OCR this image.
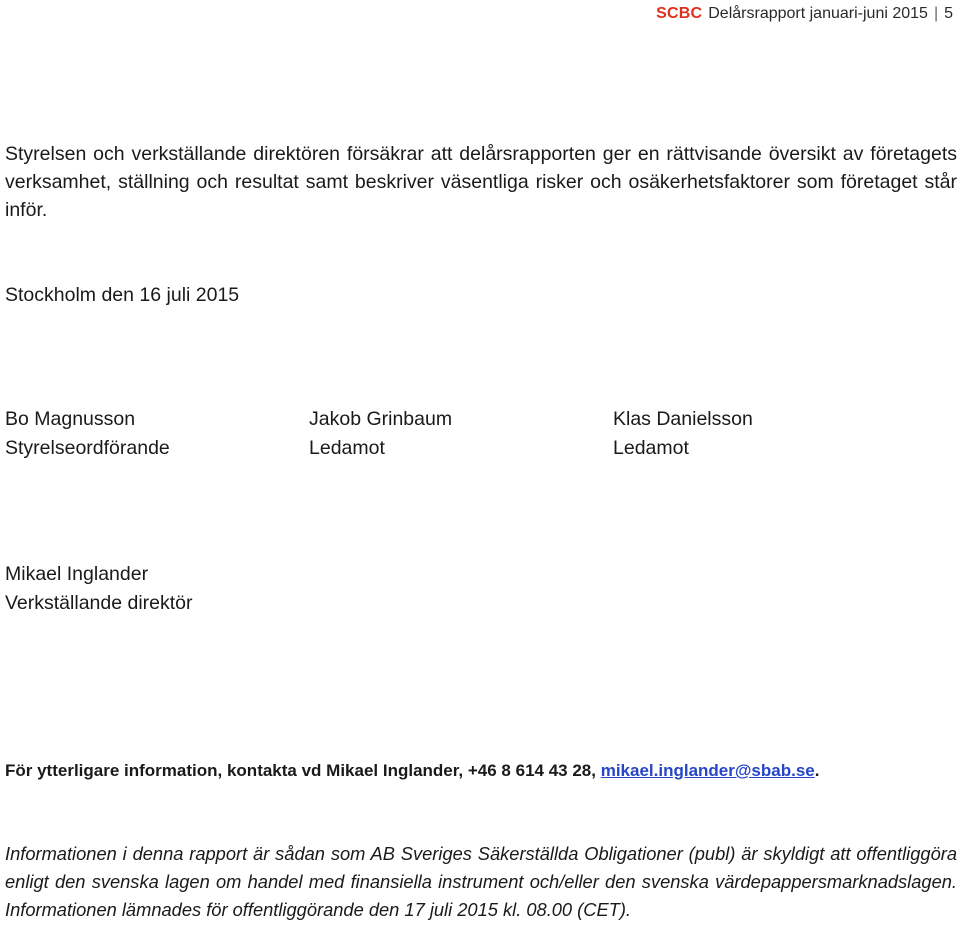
SCBC Delårsrapport januari-juni 2015 | 5

Styrelsen och verkställande direktören försäkrar att delårsrapporten ger en rättvisande översikt av företagets verksamhet, ställning och resultat samt beskriver väsentliga risker och osäkerhetsfaktorer som företaget står inför.

Stockholm den 16 juli 2015
Bo Magnusson
Styrelseordförande
Jakob Grinbaum
Ledamot
Klas Danielsson
Ledamot
Mikael Inglander
Verkställande direktör
För ytterligare information, kontakta vd Mikael Inglander, +46 8 614 43 28, mikael.inglander@sbab.se.

Informationen i denna rapport är sådan som AB Sveriges Säkerställda Obligationer (publ) är skyldigt att offentliggöra enligt den svenska lagen om handel med finansiella instrument och/eller den svenska värdepappersmarknadslagen. Informationen lämnades för offentliggörande den 17 juli 2015 kl. 08.00 (CET).
